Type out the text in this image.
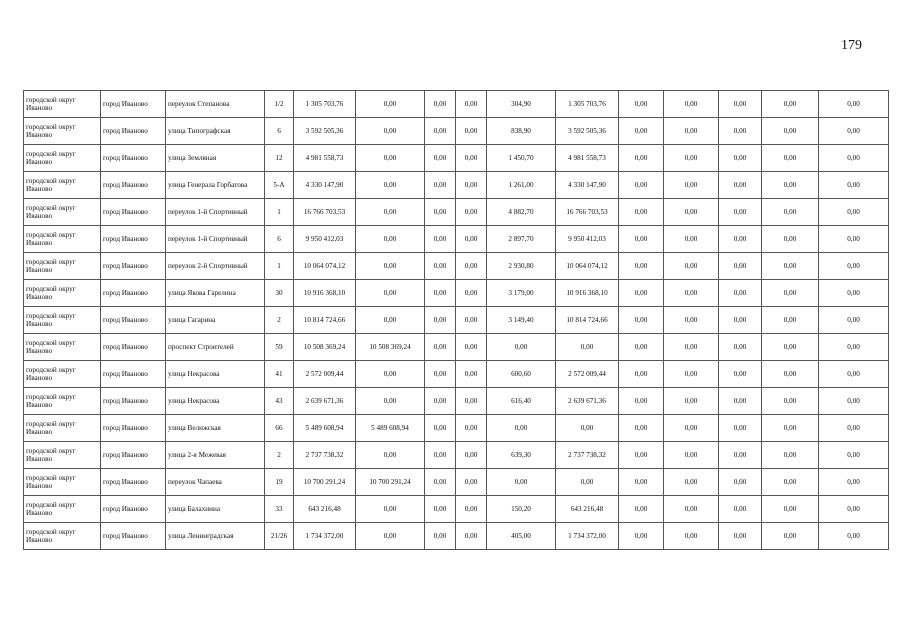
179
городской округ Иваново	город Иваново	переулок Степанова	1/2	1 305 703,76	0,00	0,00	0,00	304,90	1 305 703,76	0,00	0,00	0,00	0,00	0,00
городской округ Иваново	город Иваново	улица Типографская	6	3 592 505,36	0,00	0,00	0,00	838,90	3 592 505,36	0,00	0,00	0,00	0,00	0,00
городской округ Иваново	город Иваново	улица Земляная	12	4 981 558,73	0,00	0,00	0,00	1 450,70	4 981 558,73	0,00	0,00	0,00	0,00	0,00
городской округ Иваново	город Иваново	улица Генерала Горбатова	5-А	4 330 147,90	0,00	0,00	0,00	1 261,00	4 330 147,90	0,00	0,00	0,00	0,00	0,00
городской округ Иваново	город Иваново	переулок 1-й Спортивный	1	16 766 703,53	0,00	0,00	0,00	4 882,70	16 766 703,53	0,00	0,00	0,00	0,00	0,00
городской округ Иваново	город Иваново	переулок 1-й Спортивный	6	9 950 412,03	0,00	0,00	0,00	2 897,70	9 950 412,03	0,00	0,00	0,00	0,00	0,00
городской округ Иваново	город Иваново	переулок 2-й Спортивный	1	10 064 074,12	0,00	0,00	0,00	2 930,80	10 064 074,12	0,00	0,00	0,00	0,00	0,00
городской округ Иваново	город Иваново	улица Якова Гарелина	30	10 916 368,10	0,00	0,00	0,00	3 179,00	10 916 368,10	0,00	0,00	0,00	0,00	0,00
городской округ Иваново	город Иваново	улица Гагарина	2	10 814 724,66	0,00	0,00	0,00	3 149,40	10 814 724,66	0,00	0,00	0,00	0,00	0,00
городской округ Иваново	город Иваново	проспект Строителей	59	10 508 369,24	10 508 369,24	0,00	0,00	0,00	0,00	0,00	0,00	0,00	0,00	0,00
городской округ Иваново	город Иваново	улица Некрасова	41	2 572 009,44	0,00	0,00	0,00	600,60	2 572 009,44	0,00	0,00	0,00	0,00	0,00
городской округ Иваново	город Иваново	улица Некрасова	43	2 639 671,36	0,00	0,00	0,00	616,40	2 639 671,36	0,00	0,00	0,00	0,00	0,00
городской округ Иваново	город Иваново	улица Велижская	66	5 489 608,94	5 489 608,94	0,00	0,00	0,00	0,00	0,00	0,00	0,00	0,00	0,00
городской округ Иваново	город Иваново	улица 2-я Межевая	2	2 737 738,32	0,00	0,00	0,00	639,30	2 737 738,32	0,00	0,00	0,00	0,00	0,00
городской округ Иваново	город Иваново	переулок Чапаева	19	10 700 291,24	10 700 291,24	0,00	0,00	0,00	0,00	0,00	0,00	0,00	0,00	0,00
городской округ Иваново	город Иваново	улица Балахнина	33	643 216,48	0,00	0,00	0,00	150,20	643 216,48	0,00	0,00	0,00	0,00	0,00
городской округ Иваново	город Иваново	улица Ленинградская	21/26	1 734 372,00	0,00	0,00	0,00	405,00	1 734 372,00	0,00	0,00	0,00	0,00	0,00
